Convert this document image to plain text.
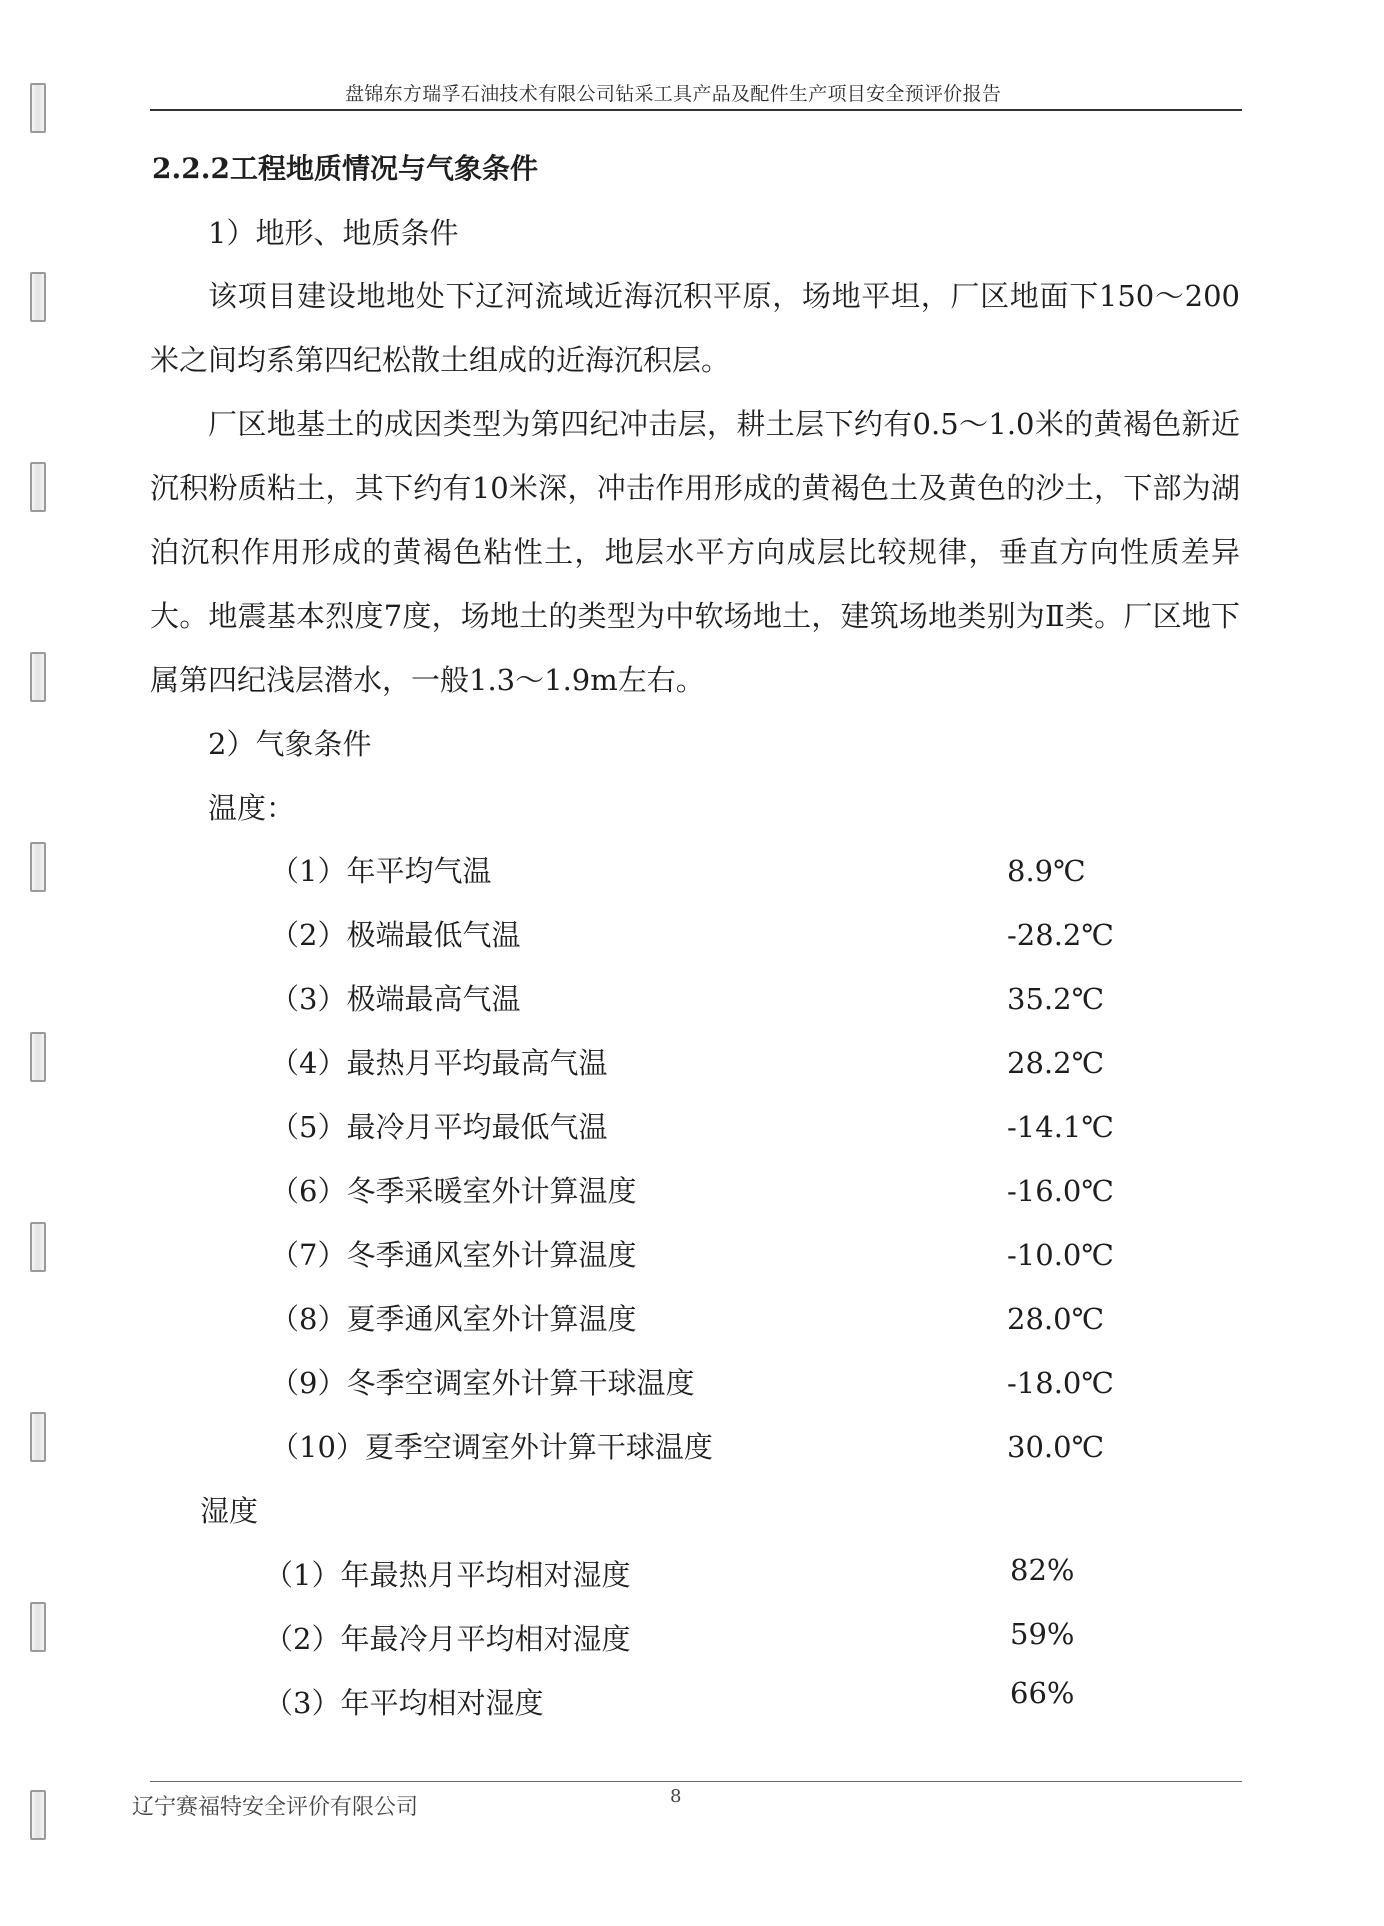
盘锦东方瑞孚石油技术有限公司钻采工具产品及配件生产项目安全预评价报告
2.2.2工程地质情况与气象条件
1）地形、地质条件

该项目建设地地处下辽河流域近海沉积平原，场地平坦，厂区地面下150～200米之间均系第四纪松散土组成的近海沉积层。

厂区地基土的成因类型为第四纪冲击层，耕土层下约有0.5～1.0米的黄褐色新近沉积粉质粘土，其下约有10米深，冲击作用形成的黄褐色土及黄色的沙土，下部为湖泊沉积作用形成的黄褐色粘性土，地层水平方向成层比较规律，垂直方向性质差异大。地震基本烈度7度，场地土的类型为中软场地土，建筑场地类别为Ⅱ类。厂区地下属第四纪浅层潜水，一般1.3～1.9m左右。

2）气象条件
温度：
（1）年平均气温	8.9℃
（2）极端最低气温	-28.2℃
（3）极端最高气温	35.2℃
（4）最热月平均最高气温	28.2℃
（5）最冷月平均最低气温	-14.1℃
（6）冬季采暖室外计算温度	-16.0℃
（7）冬季通风室外计算温度	-10.0℃
（8）夏季通风室外计算温度	28.0℃
（9）冬季空调室外计算干球温度	-18.0℃
（10）夏季空调室外计算干球温度	30.0℃
湿度
（1）年最热月平均相对湿度	82%
（2）年最冷月平均相对湿度	59%
（3）年平均相对湿度	66%
辽宁赛福特安全评价有限公司	8
